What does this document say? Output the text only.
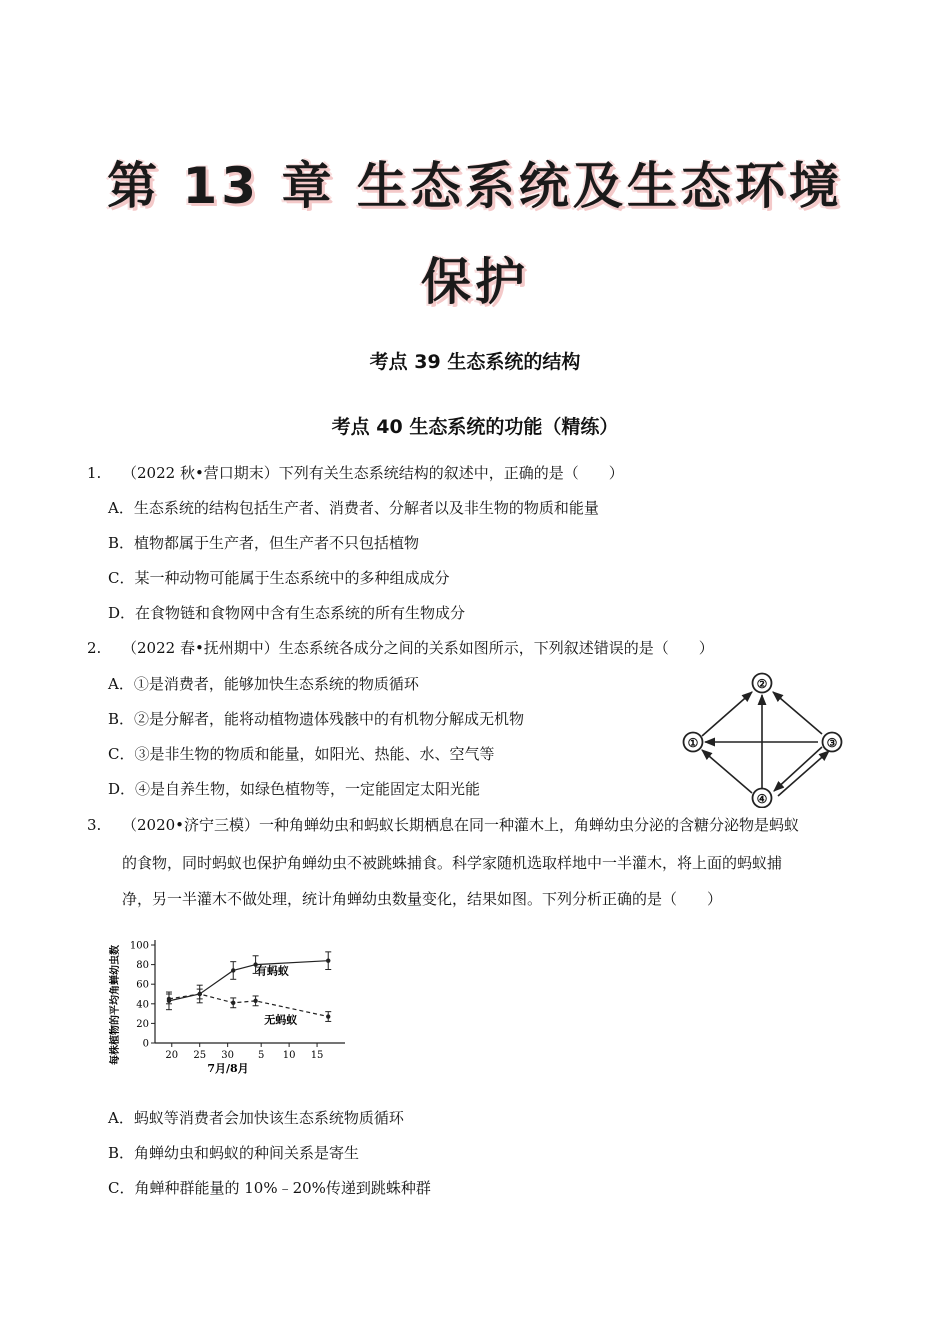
第 13 章 生态系统及生态环境
保护
考点 39 生态系统的结构
考点 40 生态系统的功能（精练）
1. （2022 秋•营口期末）下列有关生态系统结构的叙述中，正确的是（　　）
A．生态系统的结构包括生产者、消费者、分解者以及非生物的物质和能量
B．植物都属于生产者，但生产者不只包括植物
C．某一种动物可能属于生态系统中的多种组成成分
D．在食物链和食物网中含有生态系统的所有生物成分
2. （2022 春•抚州期中）生态系统各成分之间的关系如图所示，下列叙述错误的是（　　）
A．①是消费者，能够加快生态系统的物质循环
B．②是分解者，能将动植物遗体残骸中的有机物分解成无机物
C．③是非生物的物质和能量，如阳光、热能、水、空气等
D．④是自养生物，如绿色植物等，一定能固定太阳光能
①
②
③
④
3. （2020•济宁三模）一种角蝉幼虫和蚂蚁长期栖息在同一种灌木上，角蝉幼虫分泌的含糖分泌物是蚂蚁
的食物，同时蚂蚁也保护角蝉幼虫不被跳蛛捕食。科学家随机选取样地中一半灌木，将上面的蚂蚁捕
净，另一半灌木不做处理，统计角蝉幼虫数量变化，结果如图。下列分析正确的是（　　）
每株植物的平均角蝉幼虫数
7月/8月
0
20
40
60
80
100
20 25 30 5 10 15
有蚂蚁
无蚂蚁
A．蚂蚁等消费者会加快该生态系统物质循环
B．角蝉幼虫和蚂蚁的种间关系是寄生
C．角蝉种群能量的 10%﹣20%传递到跳蛛种群
